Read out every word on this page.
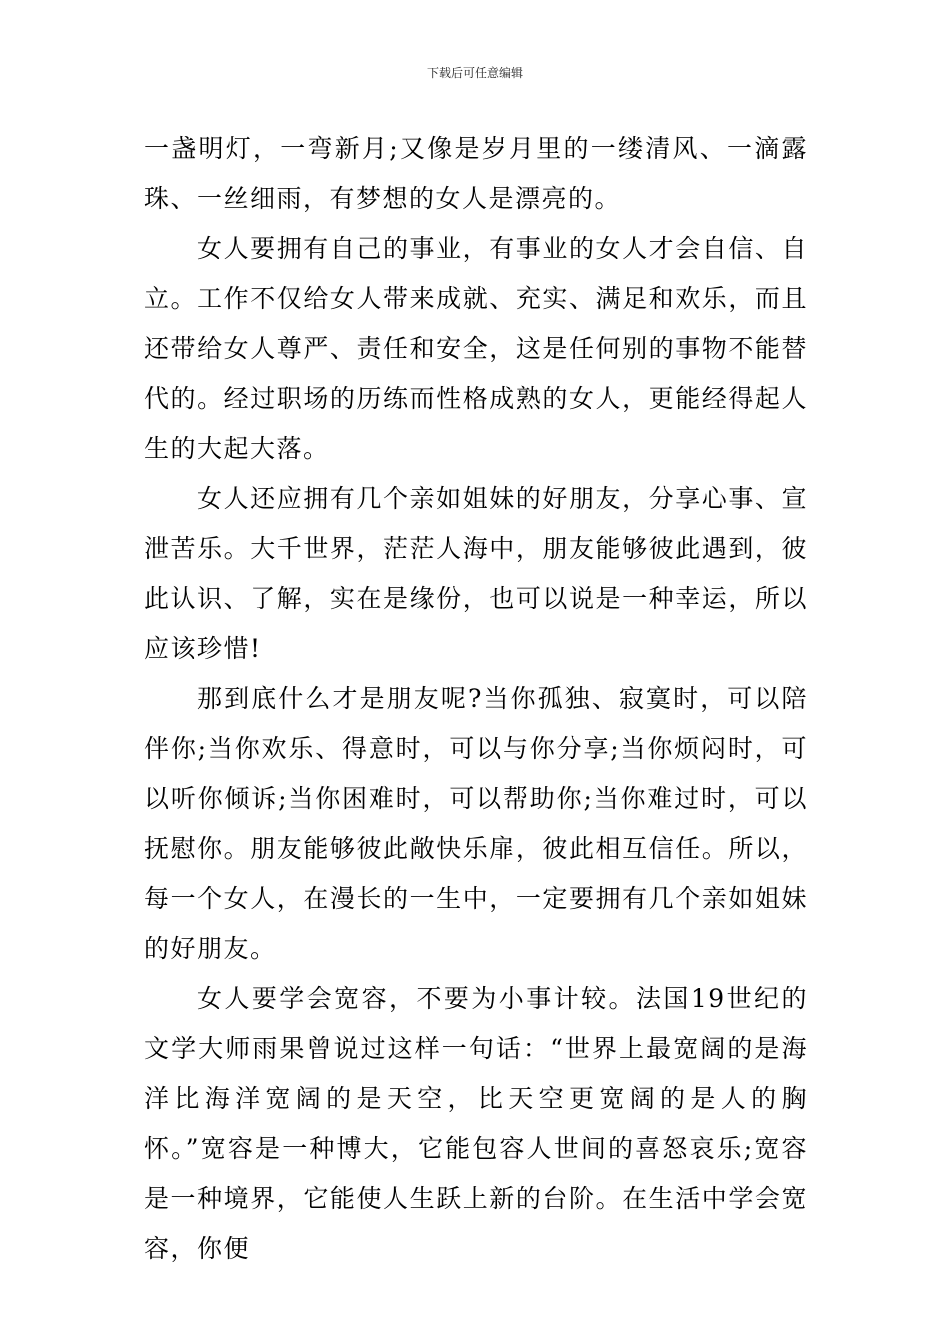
下载后可任意编辑

一盏明灯，一弯新月;又像是岁月里的一缕清风、一滴露珠、一丝细雨，有梦想的女人是漂亮的。

女人要拥有自己的事业，有事业的女人才会自信、自立。工作不仅给女人带来成就、充实、满足和欢乐，而且还带给女人尊严、责任和安全，这是任何别的事物不能替代的。经过职场的历练而性格成熟的女人，更能经得起人生的大起大落。

女人还应拥有几个亲如姐妹的好朋友，分享心事、宣泄苦乐。大千世界，茫茫人海中，朋友能够彼此遇到，彼此认识、了解，实在是缘份，也可以说是一种幸运，所以应该珍惜!

那到底什么才是朋友呢?当你孤独、寂寞时，可以陪伴你;当你欢乐、得意时，可以与你分享;当你烦闷时，可以听你倾诉;当你困难时，可以帮助你;当你难过时，可以抚慰你。朋友能够彼此敞快乐扉，彼此相互信任。所以，每一个女人，在漫长的一生中，一定要拥有几个亲如姐妹的好朋友。

女人要学会宽容，不要为小事计较。法国19世纪的文学大师雨果曾说过这样一句话：“世界上最宽阔的是海洋比海洋宽阔的是天空，比天空更宽阔的是人的胸怀。”宽容是一种博大，它能包容人世间的喜怒哀乐;宽容是一种境界，它能使人生跃上新的台阶。在生活中学会宽容，你便
